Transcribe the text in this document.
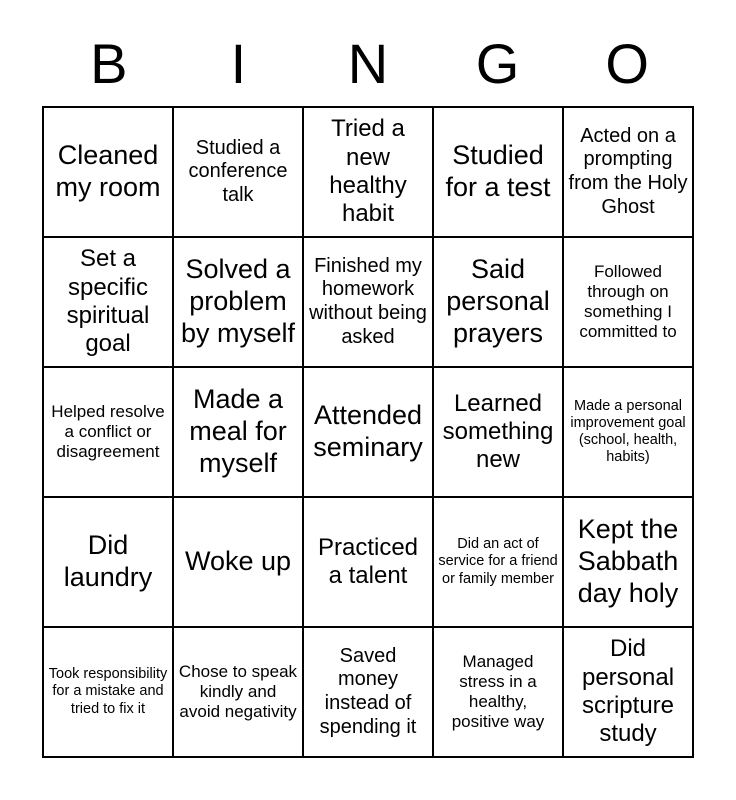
B	I	N	G	O
Cleaned my room	Studied a conference talk	Tried a new healthy habit	Studied for a test	Acted on a prompting from the Holy Ghost

Set a specific spiritual goal	Solved a problem by myself	Finished my homework without being asked	Said personal prayers	Followed through on something I committed to

Helped resolve a conflict or disagreement	Made a meal for myself	Attended seminary	Learned something new	Made a personal improvement goal (school, health, habits)

Did laundry	Woke up	Practiced a talent	Did an act of service for a friend or family member	Kept the Sabbath day holy

Took responsibility for a mistake and tried to fix it	Chose to speak kindly and avoid negativity	Saved money instead of spending it	Managed stress in a healthy, positive way	Did personal scripture study
